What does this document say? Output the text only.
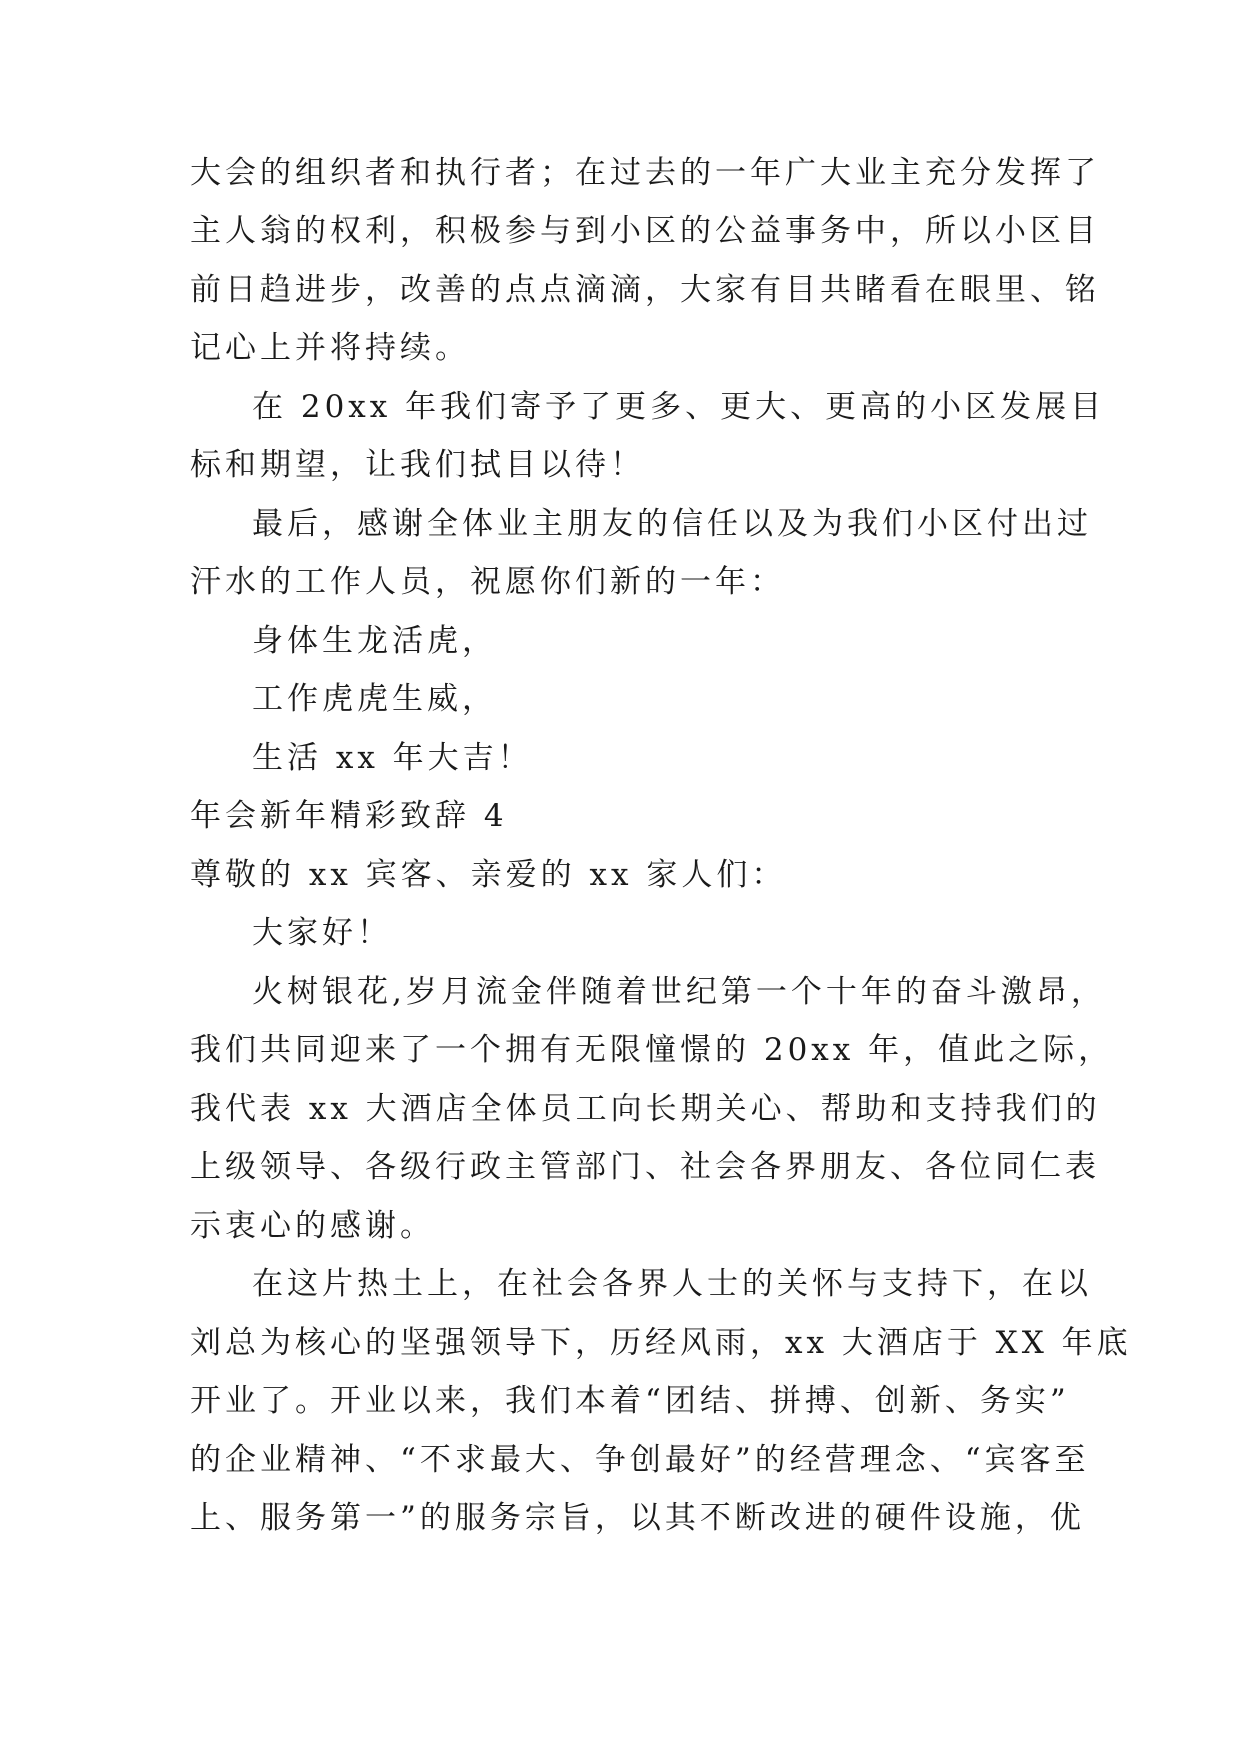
大会的组织者和执行者；在过去的一年广大业主充分发挥了
主人翁的权利，积极参与到小区的公益事务中，所以小区目
前日趋进步，改善的点点滴滴，大家有目共睹看在眼里、铭
记心上并将持续。
在 20xx 年我们寄予了更多、更大、更高的小区发展目
标和期望，让我们拭目以待！
最后，感谢全体业主朋友的信任以及为我们小区付出过
汗水的工作人员，祝愿你们新的一年：
身体生龙活虎，
工作虎虎生威，
生活 xx 年大吉！
年会新年精彩致辞 4
尊敬的 xx 宾客、亲爱的 xx 家人们：
大家好！
火树银花,岁月流金伴随着世纪第一个十年的奋斗激昂，
我们共同迎来了一个拥有无限憧憬的 20xx 年，值此之际，
我代表 xx 大酒店全体员工向长期关心、帮助和支持我们的
上级领导、各级行政主管部门、社会各界朋友、各位同仁表
示衷心的感谢。
在这片热土上，在社会各界人士的关怀与支持下，在以
刘总为核心的坚强领导下，历经风雨，xx 大酒店于 XX 年底
开业了。开业以来，我们本着“团结、拼搏、创新、务实”
的企业精神、“不求最大、争创最好”的经营理念、“宾客至
上、服务第一”的服务宗旨，以其不断改进的硬件设施，优
